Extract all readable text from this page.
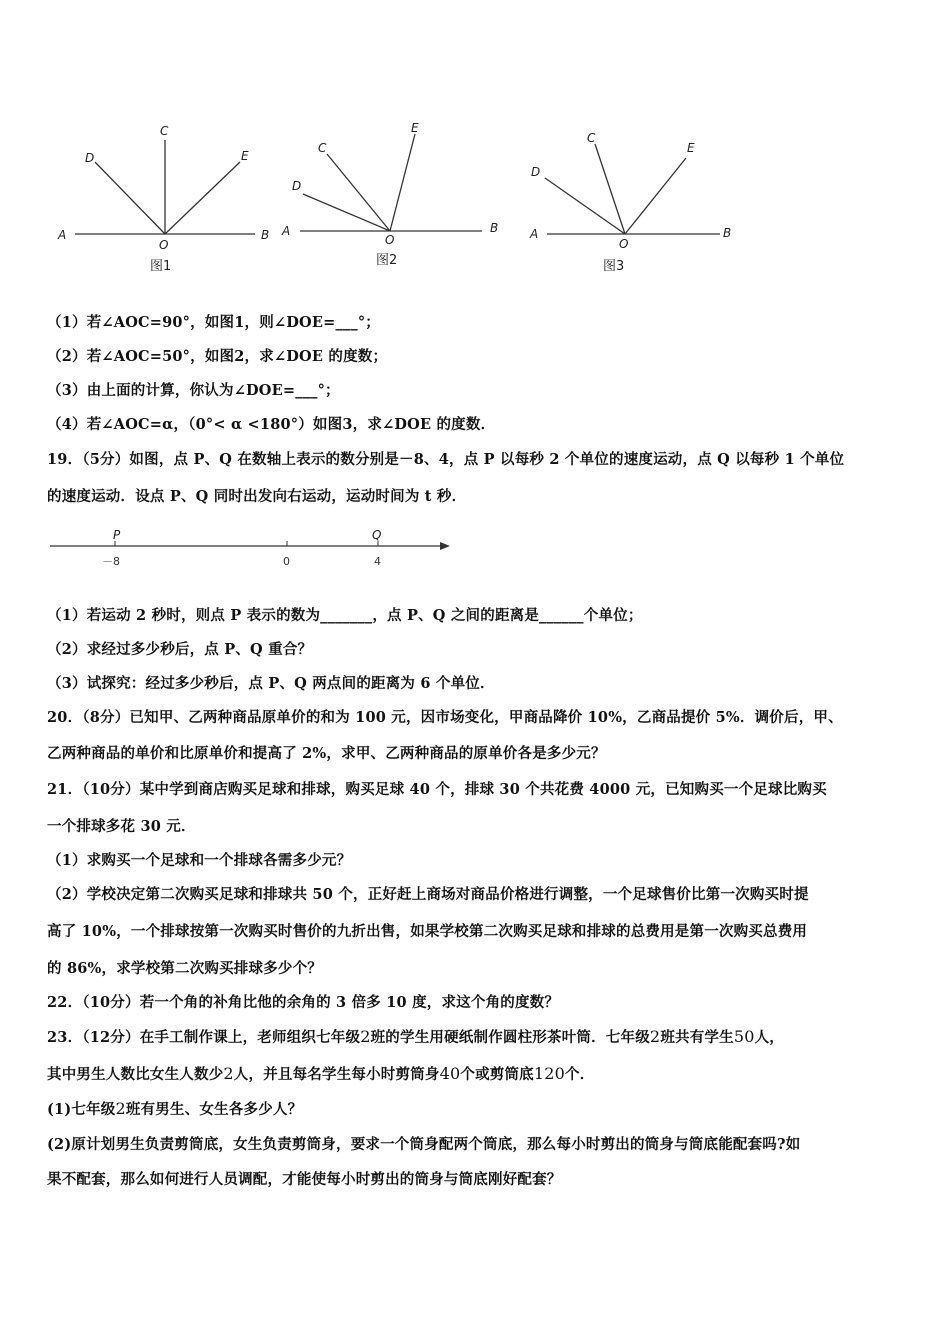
A	B
C
D	E
O
图1
A	B
C
D
E
O
图2
A	B
C
D
E
O
图3
（1）若∠AOC=90°，如图1，则∠DOE=___°；
（2）若∠AOC=50°，如图2，求∠DOE 的度数；
（3）由上面的计算，你认为∠DOE=___°；
（4）若∠AOC=α，（0°< α <180°）如图3，求∠DOE 的度数．
19．（5分）如图，点 P、Q 在数轴上表示的数分别是－8、4，点 P 以每秒 2 个单位的速度运动，点 Q 以每秒 1 个单位
的速度运动．设点 P、Q 同时出发向右运动，运动时间为 t 秒．
P	Q
－8	0	4
（1）若运动 2 秒时，则点 P 表示的数为_______，点 P、Q 之间的距离是______个单位；
（2）求经过多少秒后，点 P、Q 重合？
（3）试探究：经过多少秒后，点 P、Q 两点间的距离为 6 个单位．
20．（8分）已知甲、乙两种商品原单价的和为 100 元，因市场变化，甲商品降价 10%，乙商品提价 5%．调价后，甲、
乙两种商品的单价和比原单价和提高了 2%，求甲、乙两种商品的原单价各是多少元？
21．（10分）某中学到商店购买足球和排球，购买足球 40 个，排球 30 个共花费 4000 元，已知购买一个足球比购买
一个排球多花 30 元．
（1）求购买一个足球和一个排球各需多少元？
（2）学校决定第二次购买足球和排球共 50 个，正好赶上商场对商品价格进行调整，一个足球售价比第一次购买时提
高了 10%，一个排球按第一次购买时售价的九折出售，如果学校第二次购买足球和排球的总费用是第一次购买总费用
的 86%，求学校第二次购买排球多少个？
22．（10分）若一个角的补角比他的余角的 3 倍多 10 度，求这个角的度数？
23．（12分）在手工制作课上，老师组织七年级2班的学生用硬纸制作圆柱形茶叶筒．七年级2班共有学生50人，
其中男生人数比女生人数少2人，并且每名学生每小时剪筒身40个或剪筒底120个．
(1)七年级2班有男生、女生各多少人？
(2)原计划男生负责剪筒底，女生负责剪筒身，要求一个筒身配两个筒底，那么每小时剪出的筒身与筒底能配套吗?如
果不配套，那么如何进行人员调配，才能使每小时剪出的筒身与筒底刚好配套？
